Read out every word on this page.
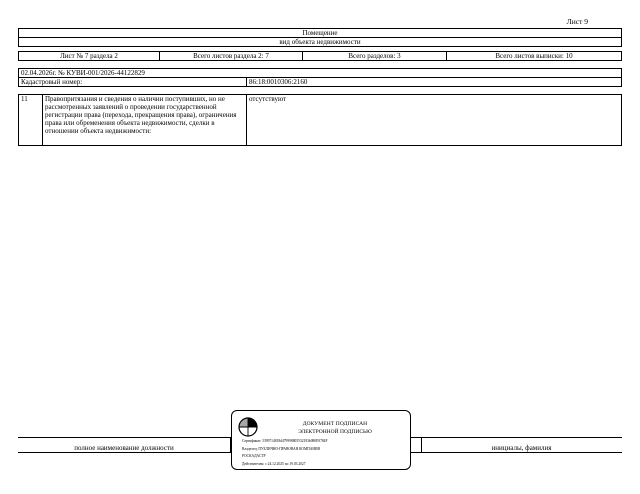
Лист 9
Помещение
вид объекта недвижимости

Лист № 7 раздела 2	Всего листов раздела 2: 7	Всего разделов: 3	Всего листов выписки: 10
02.04.2026г. № КУВИ-001/2026-44122829
Кадастровый номер:	86:18:0010306:2160
11	Правопритязания и сведения о наличии поступивших, но не рассмотренных заявлений о проведении государственной регистрации права (перехода, прекращения права), ограничения права или обременения объекта недвижимости, сделки в отношении объекта недвижимости:	отсутствуют
полное наименование должности	инициалы, фамилия
ДОКУМЕНТ ПОДПИСАН
ЭЛЕКТРОННОЙ ПОДПИСЬЮ
Сертификат: 5399714818d479998805532193b080E9784F
Владелец: ПУБЛИЧНО-ПРАВОВАЯ КОМПАНИЯ
РОСКАДАСТР
Действителен: с 24.12.2025 по 19.03.2027
